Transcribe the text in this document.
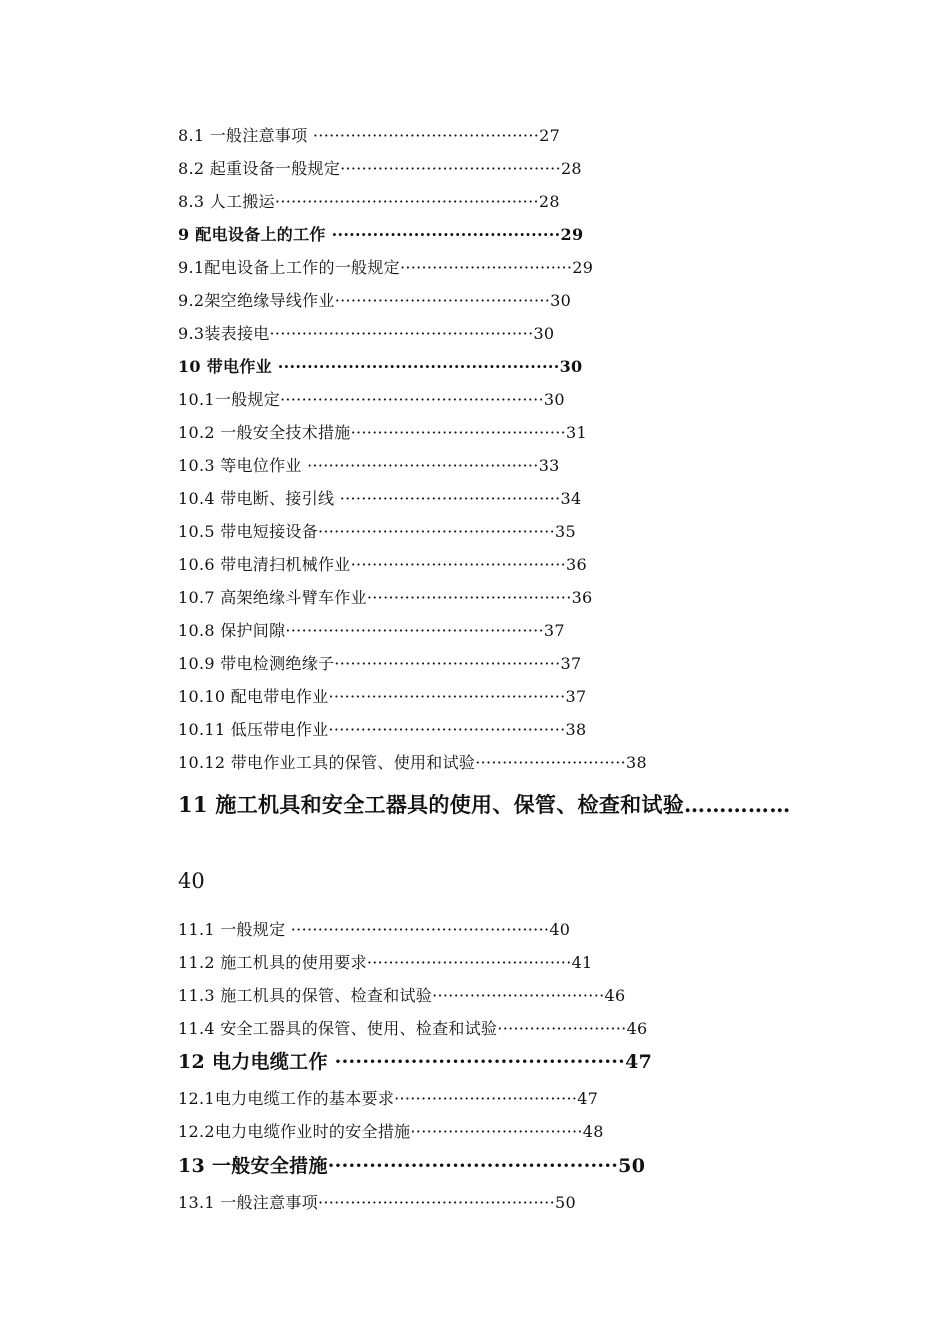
8.1 一般注意事项 ··········································27
8.2 起重设备一般规定·········································28
8.3 人工搬运·················································28
9 配电设备上的工作 ·······································29
9.1配电设备上工作的一般规定································29
9.2架空绝缘导线作业········································30
9.3装表接电·················································30
10 带电作业 ················································30
10.1一般规定·················································30
10.2 一般安全技术措施········································31
10.3 等电位作业 ···········································33
10.4 带电断、接引线 ·········································34
10.5 带电短接设备············································35
10.6 带电清扫机械作业········································36
10.7 高架绝缘斗臂车作业······································36
10.8 保护间隙················································37
10.9 带电检测绝缘子··········································37
10.10 配电带电作业············································37
10.11 低压带电作业············································38
10.12 带电作业工具的保管、使用和试验····························38
11 施工机具和安全工器具的使用、保管、检查和试验……………
40
11.1 一般规定 ················································40
11.2 施工机具的使用要求······································41
11.3 施工机具的保管、检查和试验································46
11.4 安全工器具的保管、使用、检查和试验························46
12 电力电缆工作 ··········································47
12.1电力电缆工作的基本要求··································47
12.2电力电缆作业时的安全措施································48
13 一般安全措施··········································50
13.1 一般注意事项············································50
